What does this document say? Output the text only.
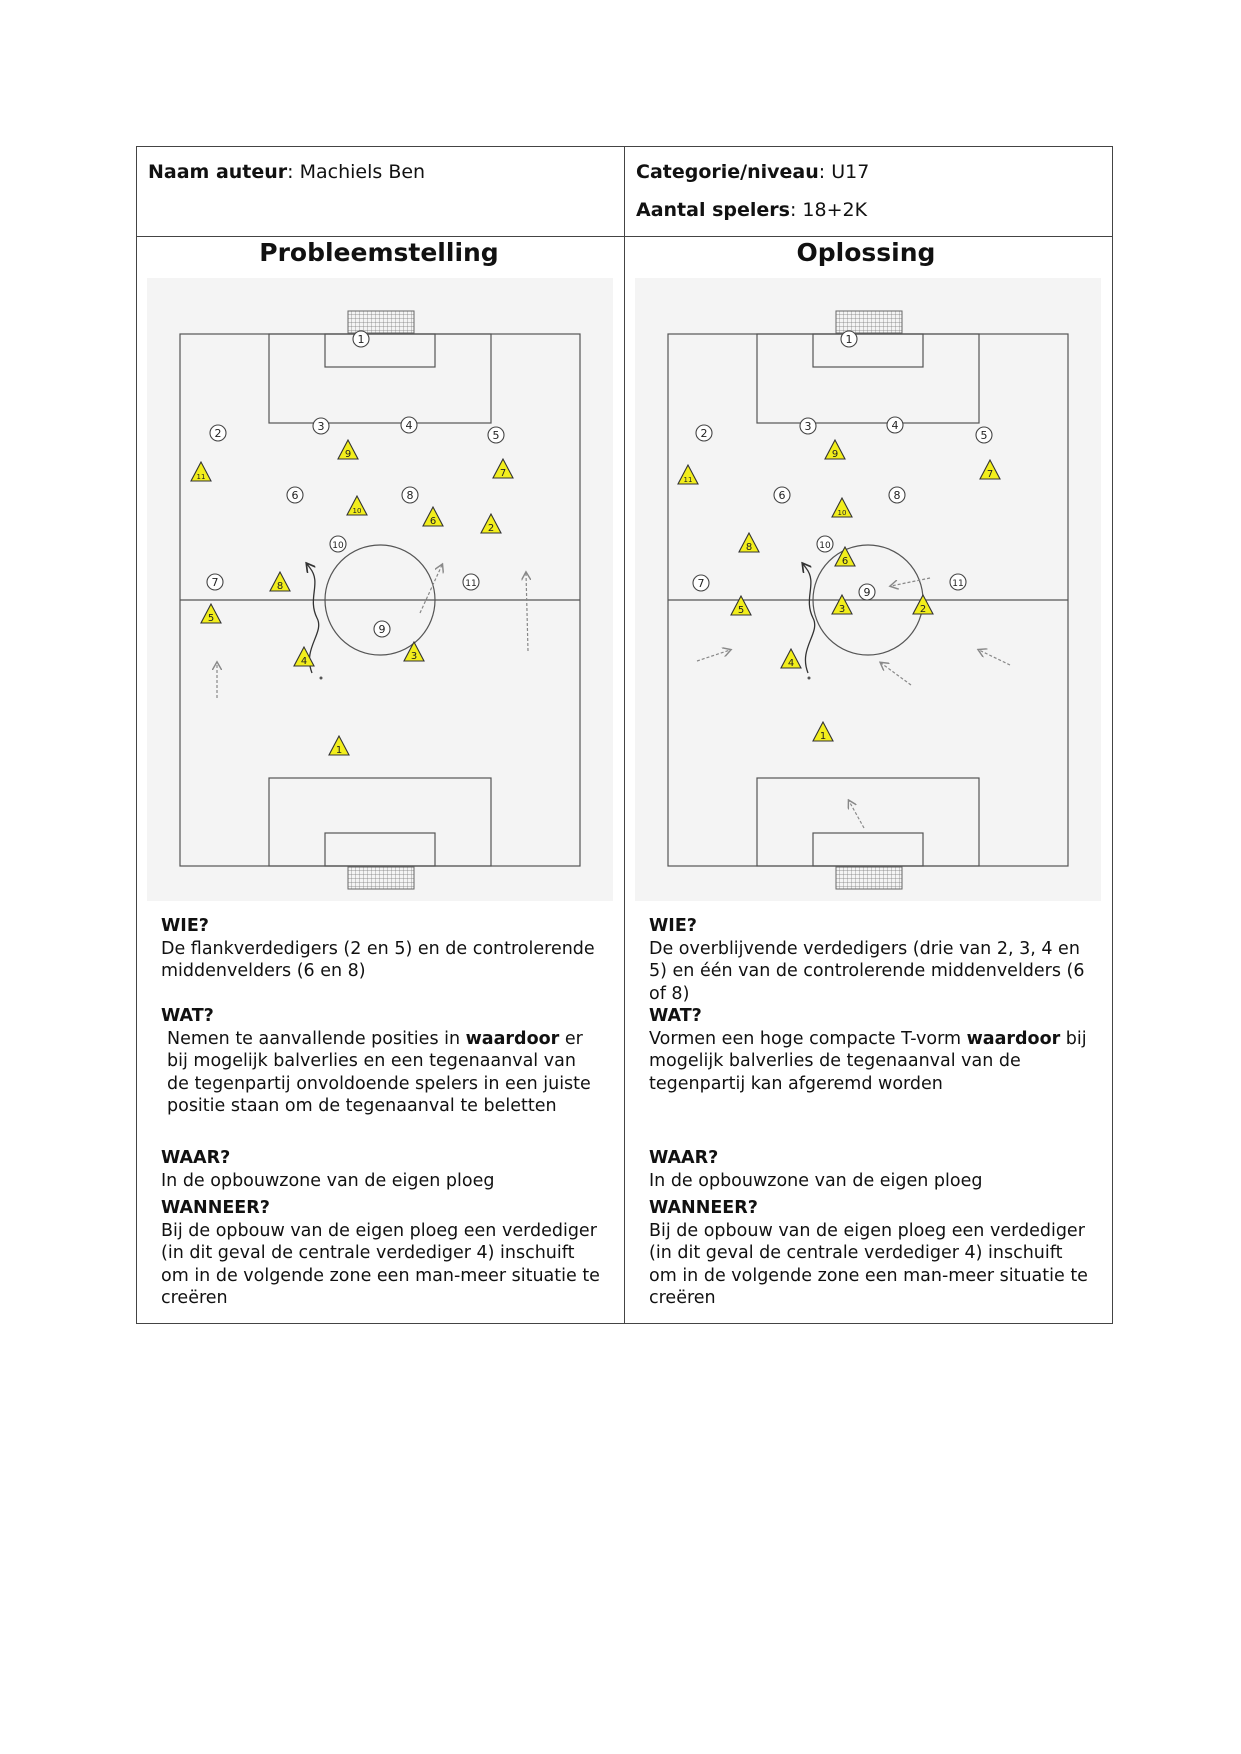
Naam auteur: Machiels Ben	Categorie/niveau: U17
Aantal spelers: 18+2K
Probleemstelling	Oplossing
1
2
3	4
5
6	8
10
7	11
9
9
11	7
10
6
2
8
5
4	3
1
1
2
3	4
5
6	8
10
7
9
11
9
11	7
10
8
6
5	3	2
4
1
WIE?
De flankverdedigers (2 en 5) en de controlerende middenvelders (6 en 8)
WAT?
Nemen te aanvallende posities in waardoor er bij mogelijk balverlies en een tegenaanval van de tegenpartij onvoldoende spelers in een juiste positie staan om de tegenaanval te beletten
WAAR?
In de opbouwzone van de eigen ploeg
WANNEER?
Bij de opbouw van de eigen ploeg een verdediger (in dit geval de centrale verdediger 4) inschuift om in de volgende zone een man-meer situatie te creëren
WIE?
De overblijvende verdedigers (drie van 2, 3, 4 en 5) en één van de controlerende middenvelders (6 of 8)
WAT?
Vormen een hoge compacte T-vorm waardoor bij mogelijk balverlies de tegenaanval van de tegenpartij kan afgeremd worden
WAAR?
In de opbouwzone van de eigen ploeg
WANNEER?
Bij de opbouw van de eigen ploeg een verdediger (in dit geval de centrale verdediger 4) inschuift om in de volgende zone een man-meer situatie te creëren
